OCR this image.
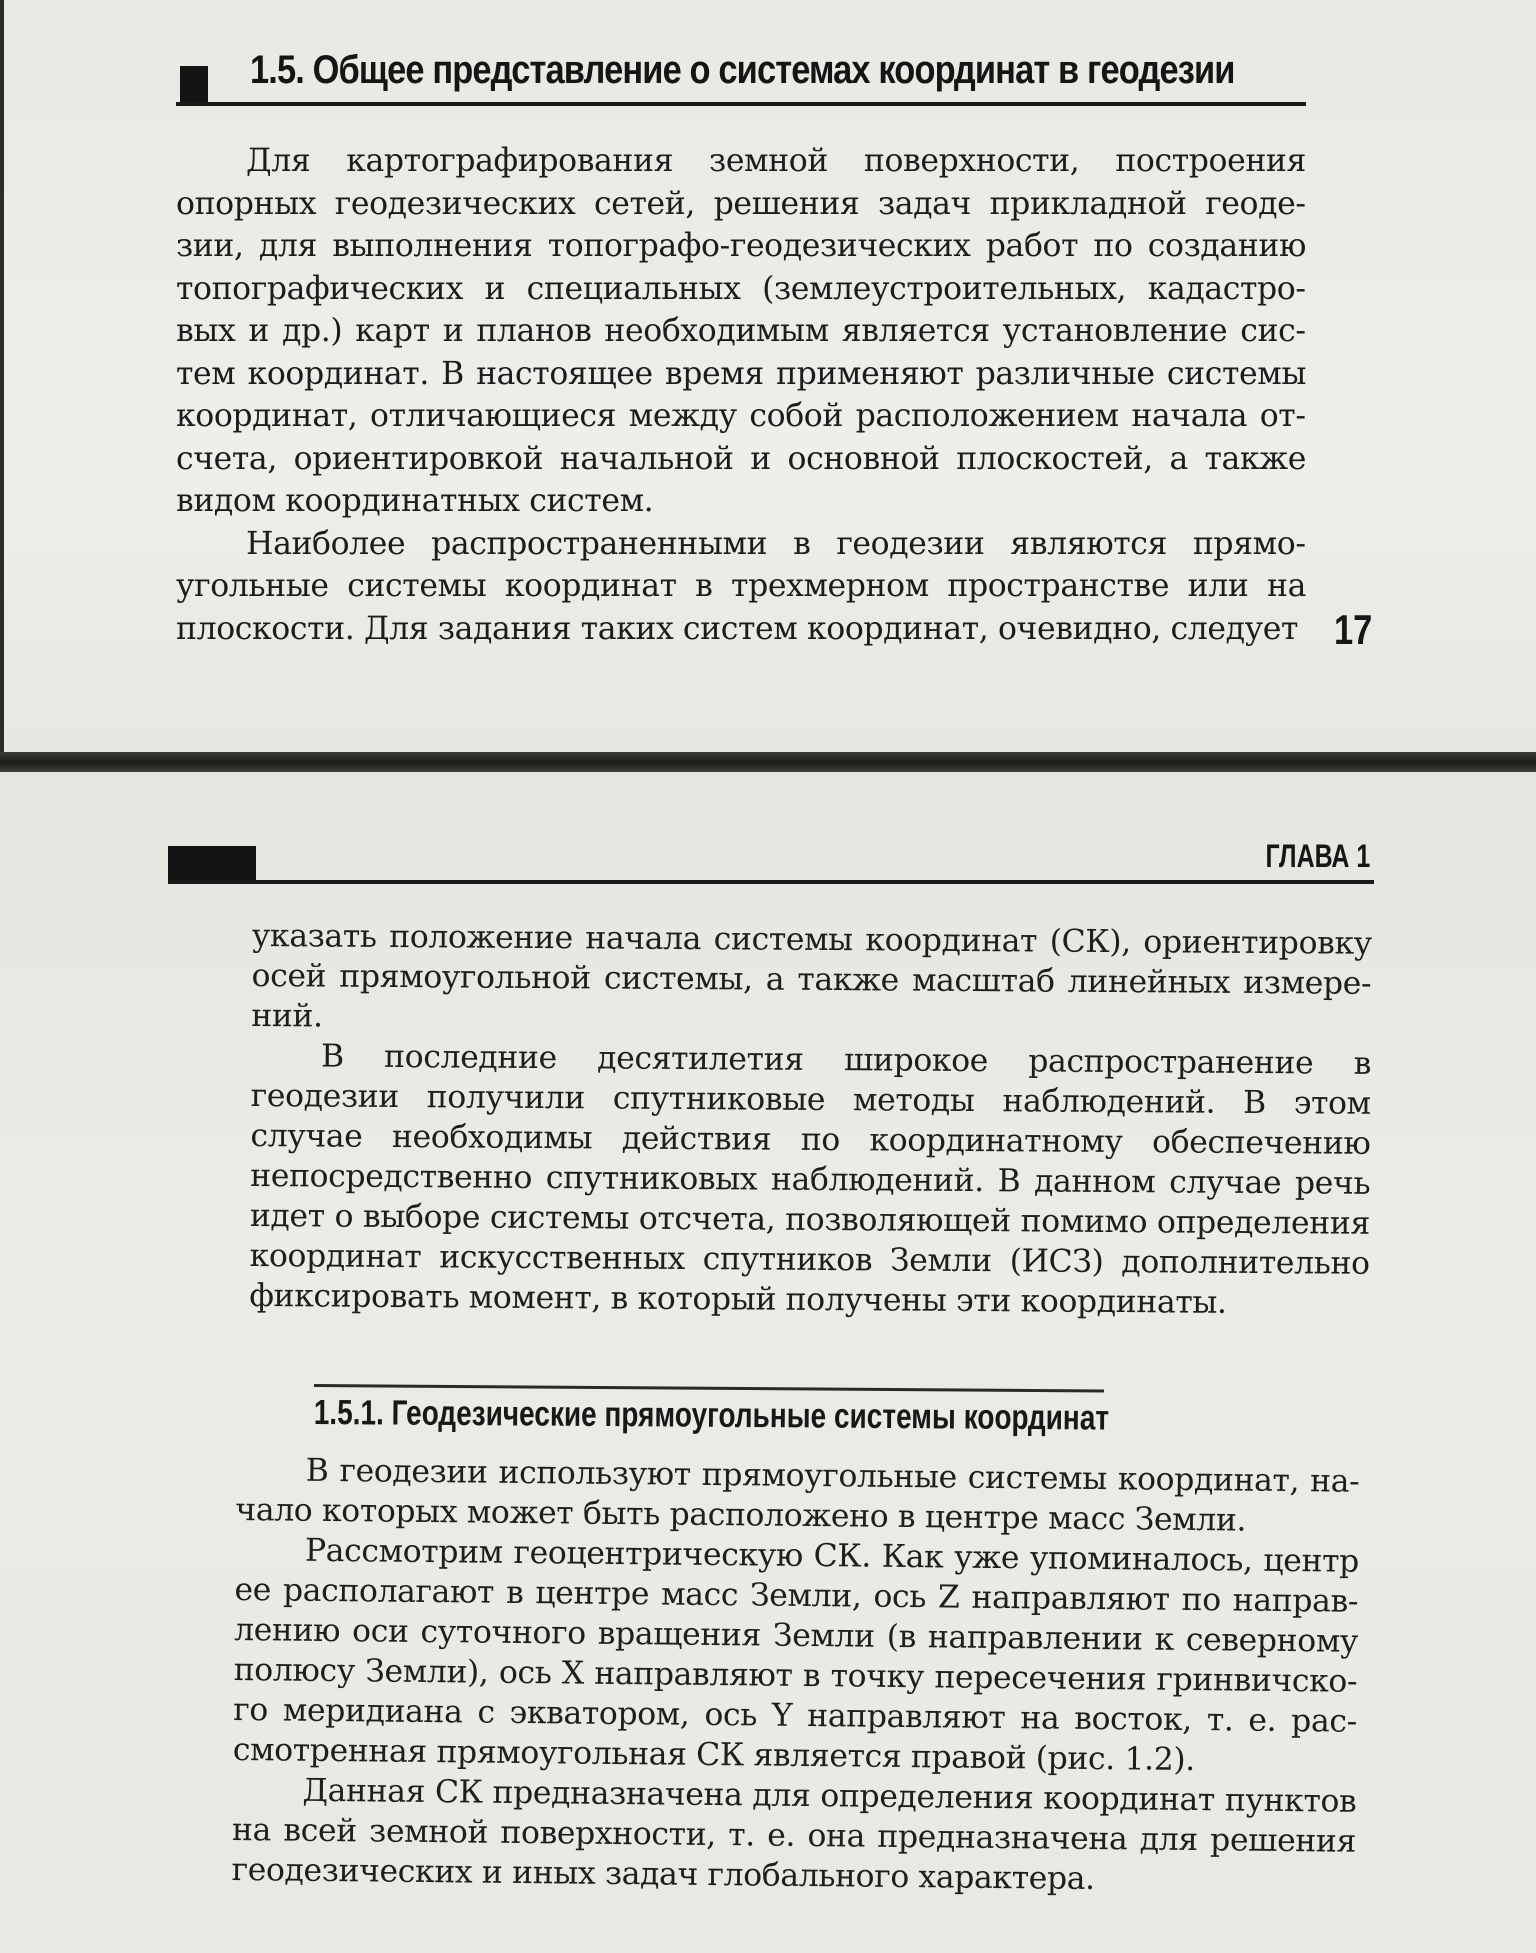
1.5. Общее представление о системах координат в геодезии

Для картографирования земной поверхности, построения опорных геодезических сетей, решения задач прикладной геодезии, для выполнения топографо-геодезических работ по созданию топографических и специальных (землеустроительных, кадастровых и др.) карт и планов необходимым является установление систем координат. В настоящее время применяют различные системы координат, отличающиеся между собой расположением начала отсчета, ориентировкой начальной и основной плоскостей, а также видом координатных систем.

Наиболее распространенными в геодезии являются прямоугольные системы координат в трехмерном пространстве или на плоскости. Для задания таких систем координат, очевидно, следует 17
ГЛАВА 1

указать положение начала системы координат (СК), ориентировку осей прямоугольной системы, а также масштаб линейных измерений.

В последние десятилетия широкое распространение в геодезии получили спутниковые методы наблюдений. В этом случае необходимы действия по координатному обеспечению непосредственно спутниковых наблюдений. В данном случае речь идет о выборе системы отсчета, позволяющей помимо определения координат искусственных спутников Земли (ИСЗ) дополнительно фиксировать момент, в который получены эти координаты.

1.5.1. Геодезические прямоугольные системы координат

В геодезии используют прямоугольные системы координат, начало которых может быть расположено в центре масс Земли.

Рассмотрим геоцентрическую СК. Как уже упоминалось, центр ее располагают в центре масс Земли, ось Z направляют по направлению оси суточного вращения Земли (в направлении к северному полюсу Земли), ось X направляют в точку пересечения гринвичского меридиана с экватором, ось Y направляют на восток, т. е. рассмотренная прямоугольная СК является правой (рис. 1.2).

Данная СК предназначена для определения координат пунктов на всей земной поверхности, т. е. она предназначена для решения геодезических и иных задач глобального характера.
